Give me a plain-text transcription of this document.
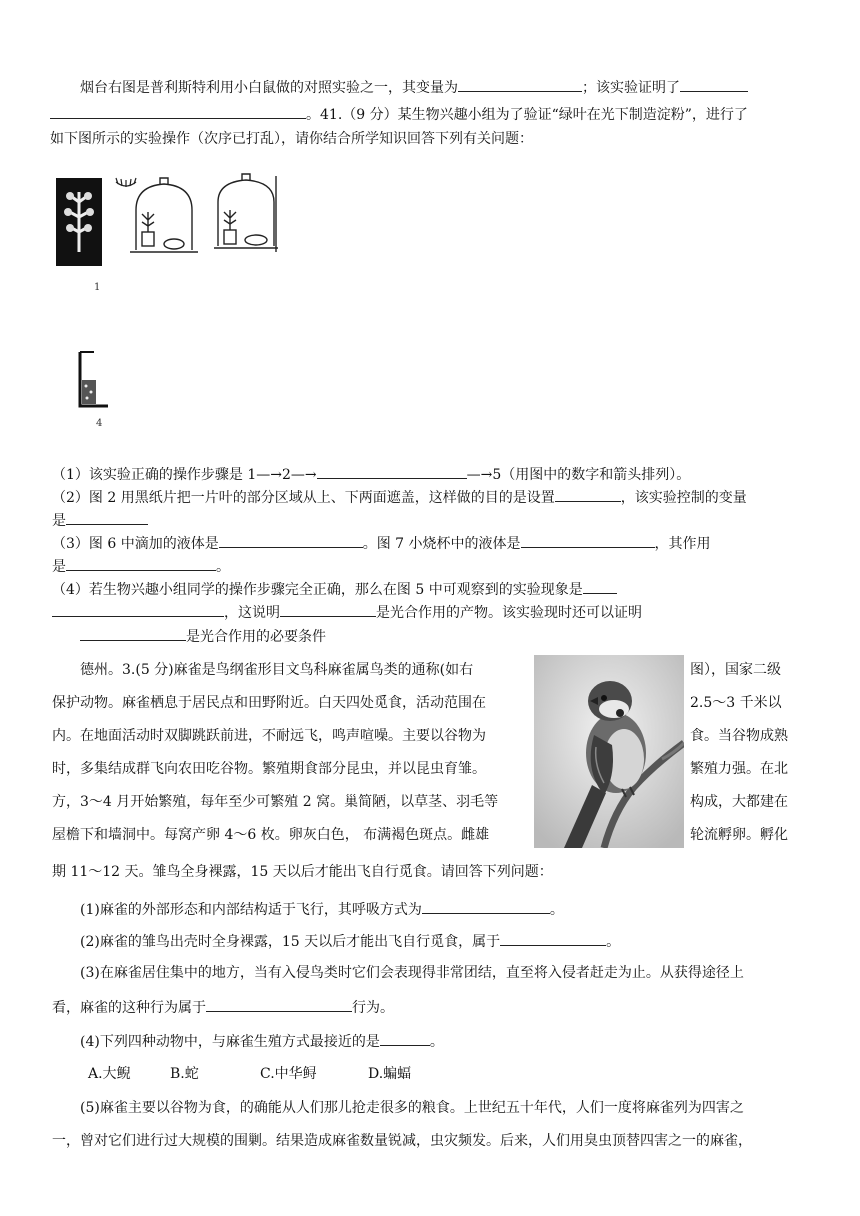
烟台右图是普利斯特利用小白鼠做的对照实验之一，其变量为	；该实验证明了
。41.（9 分）某生物兴趣小组为了验证“绿叶在光下制造淀粉”，进行了
如下图所示的实验操作（次序已打乱），请你结合所学知识回答下列有关问题：
1
4
（1）该实验正确的操作步骤是 1—→2—→	—→5（用图中的数字和箭头排列）。
（2）图 2 用黑纸片把一片叶的部分区域从上、下两面遮盖，这样做的目的是设置	，该实验控制的变量
是
（3）图 6 中滴加的液体是	。图 7 小烧杯中的液体是	，其作用
是	。
（4）若生物兴趣小组同学的操作步骤完全正确，那么在图 5 中可观察到的实验现象是
，这说明	是光合作用的产物。该实验现时还可以证明
是光合作用的必要条件
德州。3.(5 分)麻雀是鸟纲雀形目文鸟科麻雀属鸟类的通称(如右	图），国家二级
保护动物。麻雀栖息于居民点和田野附近。白天四处觅食，活动范围在	2.5～3 千米以
内。在地面活动时双脚跳跃前进，不耐远飞，鸣声喧噪。主要以谷物为	食。当谷物成熟
时，多集结成群飞向农田吃谷物。繁殖期食部分昆虫，并以昆虫育雏。	繁殖力强。在北
方，3～4 月开始繁殖，每年至少可繁殖 2 窝。巢简陋，以草茎、羽毛等	构成，大都建在
屋檐下和墙洞中。每窝产卵 4～6 枚。卵灰白色， 布满褐色斑点。雌雄	轮流孵卵。孵化
期 11～12 天。雏鸟全身裸露，15 天以后才能出飞自行觅食。请回答下列问题：
(1)麻雀的外部形态和内部结构适于飞行，其呼吸方式为	。
(2)麻雀的雏鸟出壳时全身裸露，15 天以后才能出飞自行觅食，属于	。
(3)在麻雀居住集中的地方，当有入侵鸟类时它们会表现得非常团结，直至将入侵者赶走为止。从获得途径上
看，麻雀的这种行为属于	行为。
(4)下列四种动物中，与麻雀生殖方式最接近的是	。
A.大鲵	B.蛇	C.中华鲟	D.蝙蝠
(5)麻雀主要以谷物为食，的确能从人们那儿抢走很多的粮食。上世纪五十年代，人们一度将麻雀列为四害之
一，曾对它们进行过大规模的围剿。结果造成麻雀数量锐减，虫灾频发。后来，人们用臭虫顶替四害之一的麻雀，
